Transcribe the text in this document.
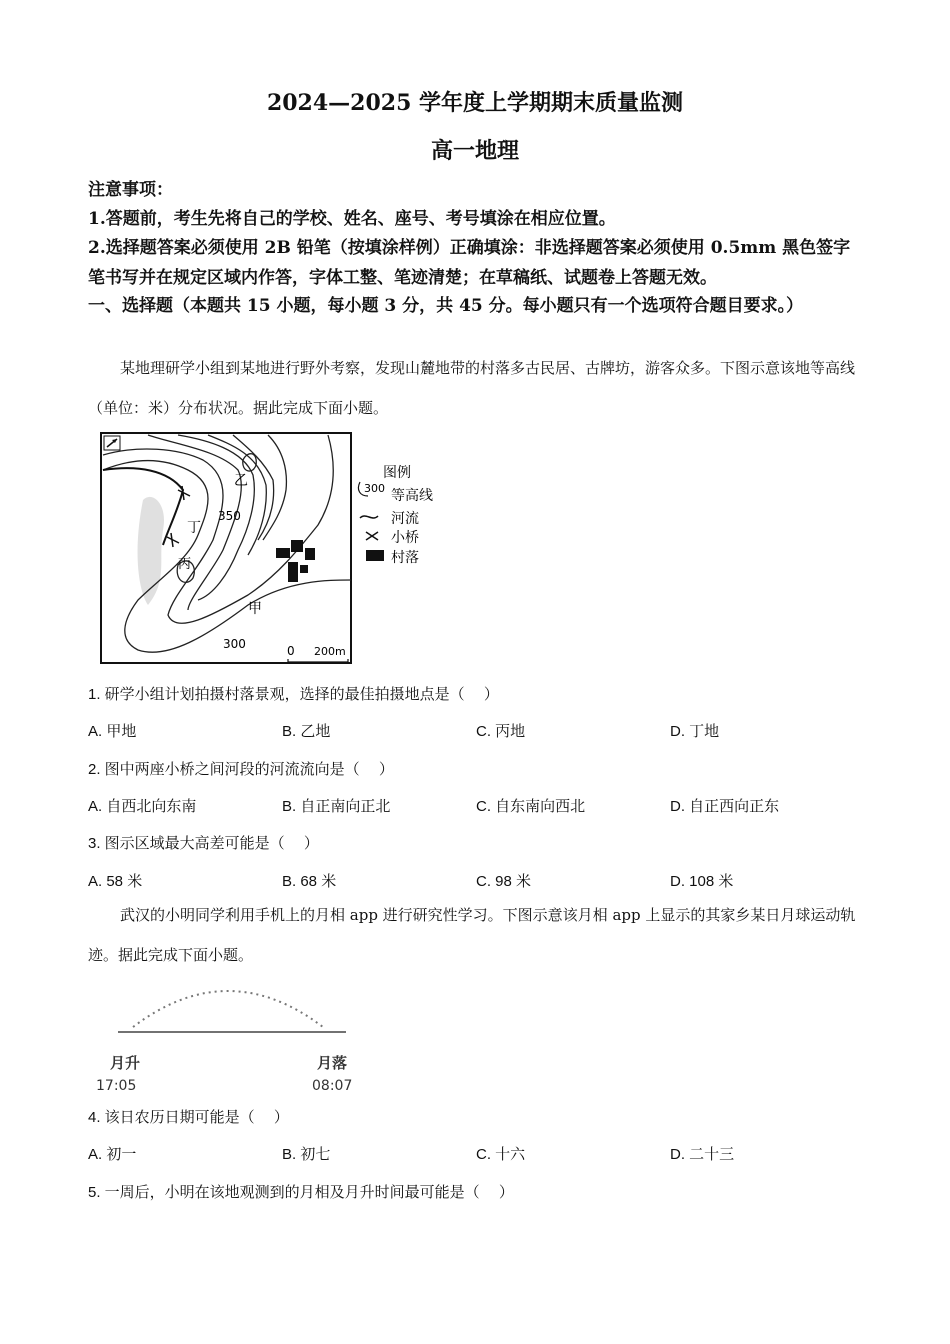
2024—2025 学年度上学期期末质量监测
高一地理
注意事项：
1.答题前，考生先将自己的学校、姓名、座号、考号填涂在相应位置。
2.选择题答案必须使用 2B 铅笔（按填涂样例）正确填涂：非选择题答案必须使用 0.5mm 黑色签字笔书写并在规定区域内作答，字体工整、笔迹清楚；在草稿纸、试题卷上答题无效。
一、选择题（本题共 15 小题，每小题 3 分，共 45 分。每小题只有一个选项符合题目要求。）
某地理研学小组到某地进行野外考察，发现山麓地带的村落多古民居、古牌坊，游客众多。下图示意该地等高线（单位：米）分布状况。据此完成下面小题。
乙
丁
丙
甲
350
300	0 200m
图例
300 等高线
河流
小桥
村落
1. 研学小组计划拍摄村落景观，选择的最佳拍摄地点是（　 ）
A. 甲地	B. 乙地	C. 丙地	D. 丁地
2. 图中两座小桥之间河段的河流流向是（　 ）
A. 自西北向东南	B. 自正南向正北	C. 自东南向西北	D. 自正西向正东
3. 图示区域最大高差可能是（　 ）
A. 58 米	B. 68 米	C. 98 米	D. 108 米
武汉的小明同学利用手机上的月相 app 进行研究性学习。下图示意该月相 app 上显示的其家乡某日月球运动轨迹。据此完成下面小题。
月升
17:05
月落
08:07
4. 该日农历日期可能是（　 ）
A. 初一	B. 初七	C. 十六	D. 二十三
5. 一周后，小明在该地观测到的月相及月升时间最可能是（　 ）
